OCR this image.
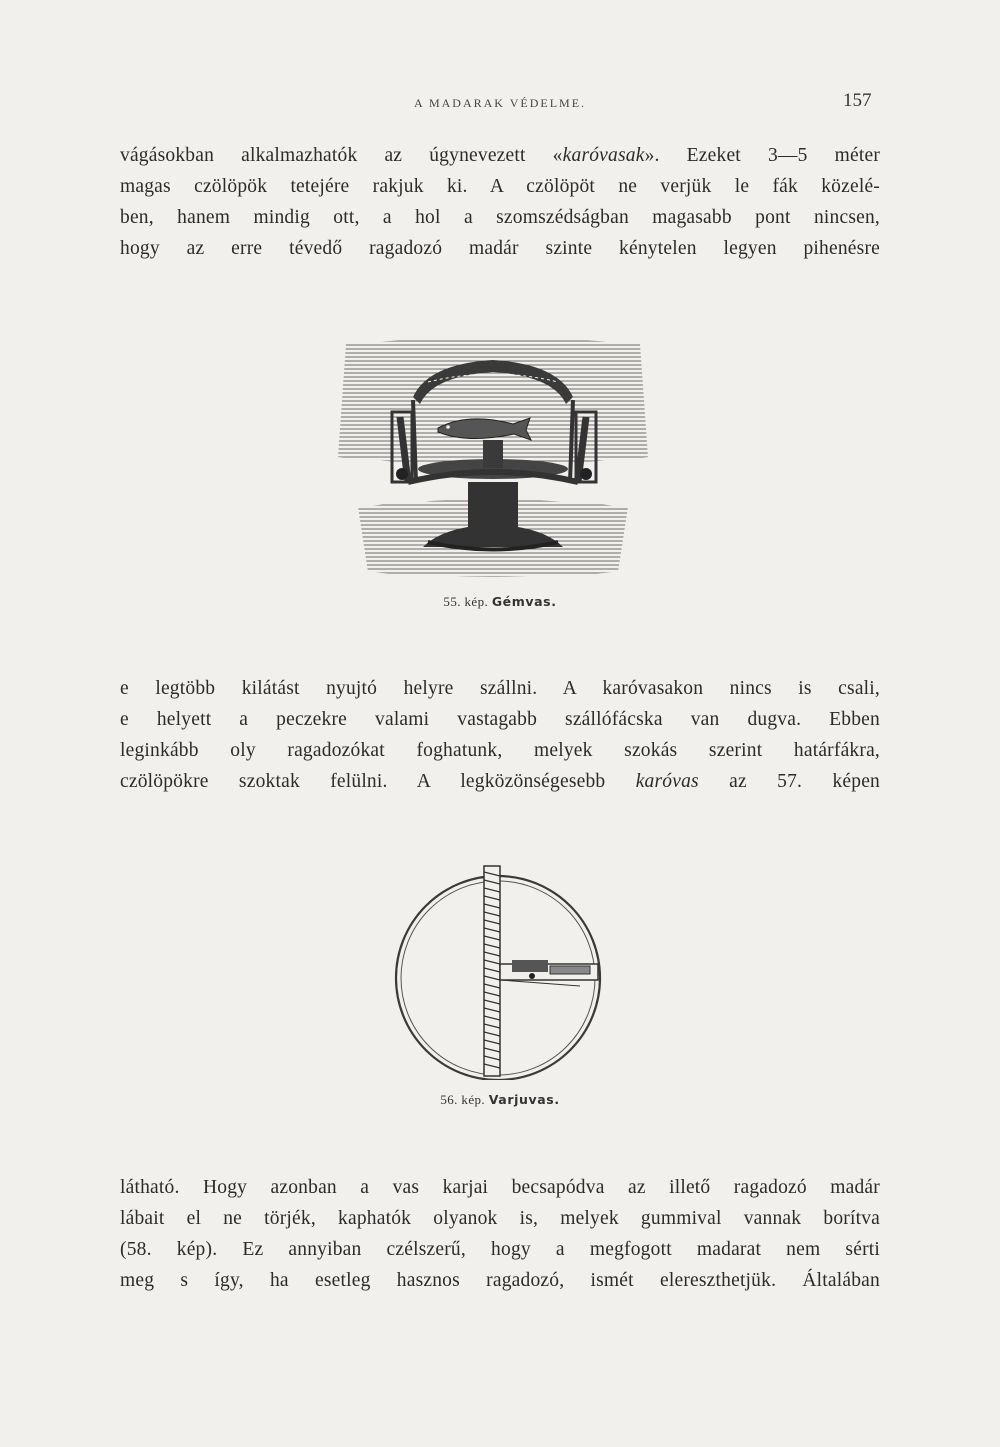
A MADARAK VÉDELME.	157
vágásokban alkalmazhatók az úgynevezett «karóvasak». Ezeket 3—5 méter
magas czölöpök tetejére rakjuk ki. A czölöpöt ne verjük le fák közelé-
ben, hanem mindig ott, a hol a szomszédságban magasabb pont nincsen,
hogy az erre tévedő ragadozó madár szinte kénytelen legyen pihenésre
55. kép. Gémvas.
e legtöbb kilátást nyujtó helyre szállni. A karóvasakon nincs is csali,
e helyett a peczekre valami vastagabb szállófácska van dugva. Ebben
leginkább oly ragadozókat foghatunk, melyek szokás szerint határfákra,
czölöpökre szoktak felülni. A legközönségesebb karóvas az 57. képen
56. kép. Varjuvas.
látható. Hogy azonban a vas karjai becsapódva az illető ragadozó madár
lábait el ne törjék, kaphatók olyanok is, melyek gummival vannak borítva
(58. kép). Ez annyiban czélszerű, hogy a megfogott madarat nem sérti
meg s így, ha esetleg hasznos ragadozó, ismét elereszthetjük. Általában
